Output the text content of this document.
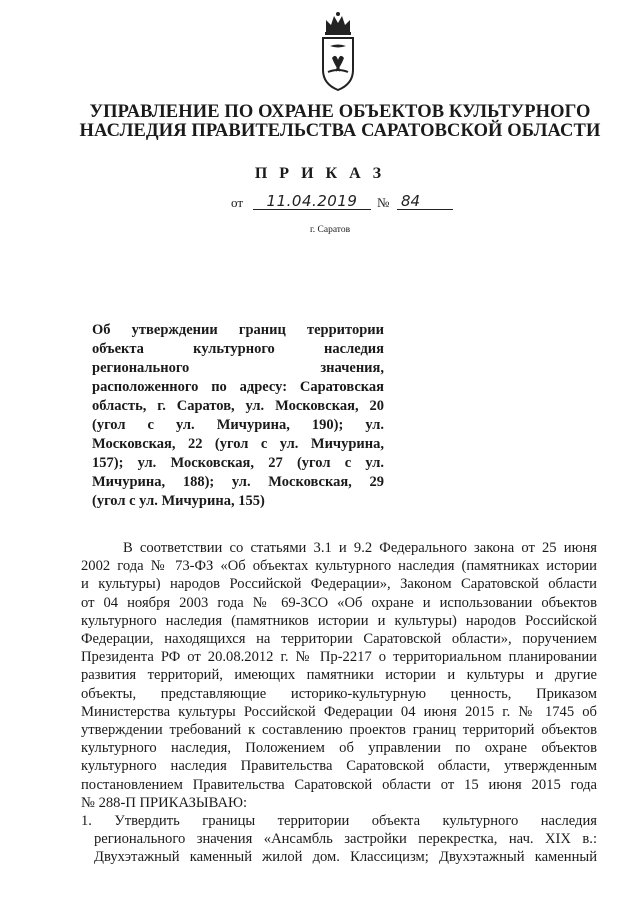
УПРАВЛЕНИЕ ПО ОХРАНЕ ОБЪЕКТОВ КУЛЬТУРНОГО
НАСЛЕДИЯ ПРАВИТЕЛЬСТВА САРАТОВСКОЙ ОБЛАСТИ
П Р И К А З
от	11.04.2019	№ 84
г. Саратов
Об утверждении границ территории
объекта культурного наследия
регионального значения,
расположенного по адресу: Саратовская
область, г. Саратов, ул. Московская, 20
(угол с ул. Мичурина, 190); ул.
Московская, 22 (угол с ул. Мичурина,
157); ул. Московская, 27 (угол с ул.
Мичурина, 188); ул. Московская, 29
(угол с ул. Мичурина, 155)
В соответствии со статьями 3.1 и 9.2 Федерального закона от 25 июня
2002 года № 73-ФЗ «Об объектах культурного наследия (памятниках истории
и культуры) народов Российской Федерации», Законом Саратовской области
от 04 ноября 2003 года № 69-ЗСО «Об охране и использовании объектов
культурного наследия (памятников истории и культуры) народов Российской
Федерации, находящихся на территории Саратовской области», поручением
Президента РФ от 20.08.2012 г. № Пр-2217 о территориальном планировании
развития территорий, имеющих памятники истории и культуры и другие
объекты, представляющие историко-культурную ценность, Приказом
Министерства культуры Российской Федерации 04 июня 2015 г. № 1745 об
утверждении требований к составлению проектов границ территорий объектов
культурного наследия, Положением об управлении по охране объектов
культурного наследия Правительства Саратовской области, утвержденным
постановлением Правительства Саратовской области от 15 июня 2015 года
№ 288-П ПРИКАЗЫВАЮ:
1. Утвердить границы территории объекта культурного наследия
регионального значения «Ансамбль застройки перекрестка, нач. XIX в.:
Двухэтажный каменный жилой дом. Классицизм; Двухэтажный каменный
